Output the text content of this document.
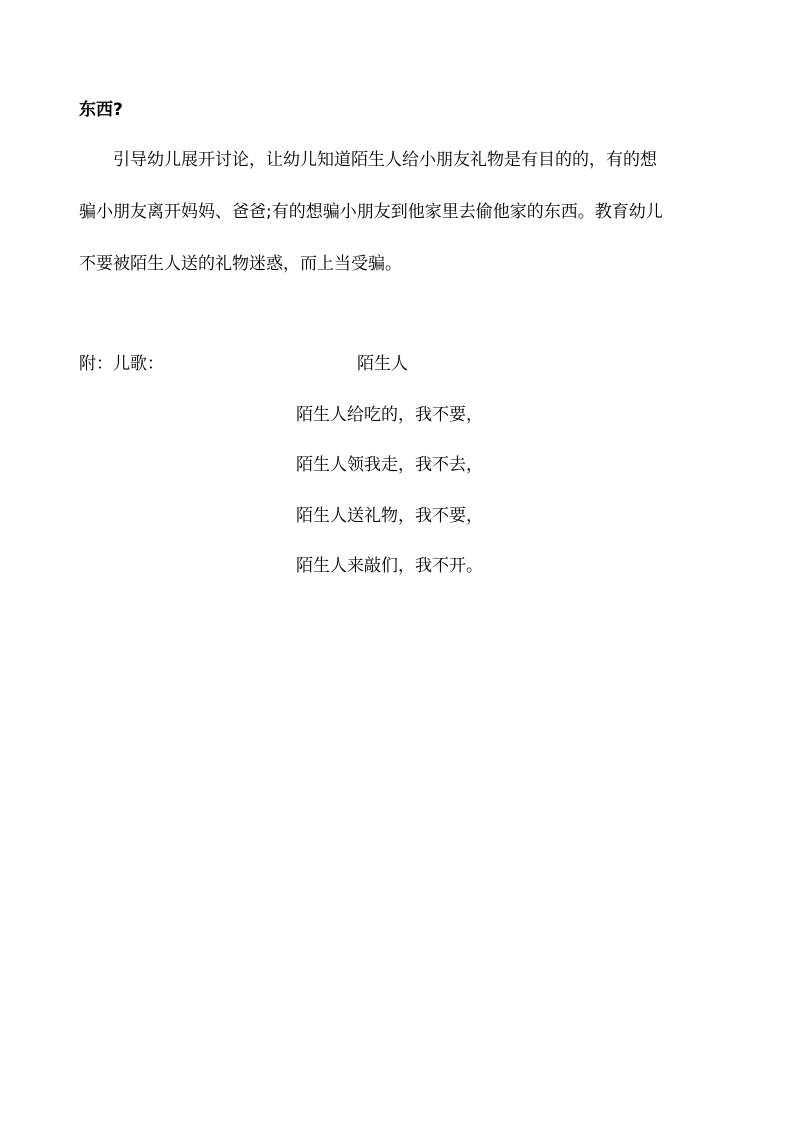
东西?
引导幼儿展开讨论，让幼儿知道陌生人给小朋友礼物是有目的的，有的想
骗小朋友离开妈妈、爸爸;有的想骗小朋友到他家里去偷他家的东西。教育幼儿
不要被陌生人送的礼物迷惑，而上当受骗。
附：儿歌：	陌生人
陌生人给吃的，我不要，
陌生人领我走，我不去，
陌生人送礼物，我不要，
陌生人来敲们，我不开。
